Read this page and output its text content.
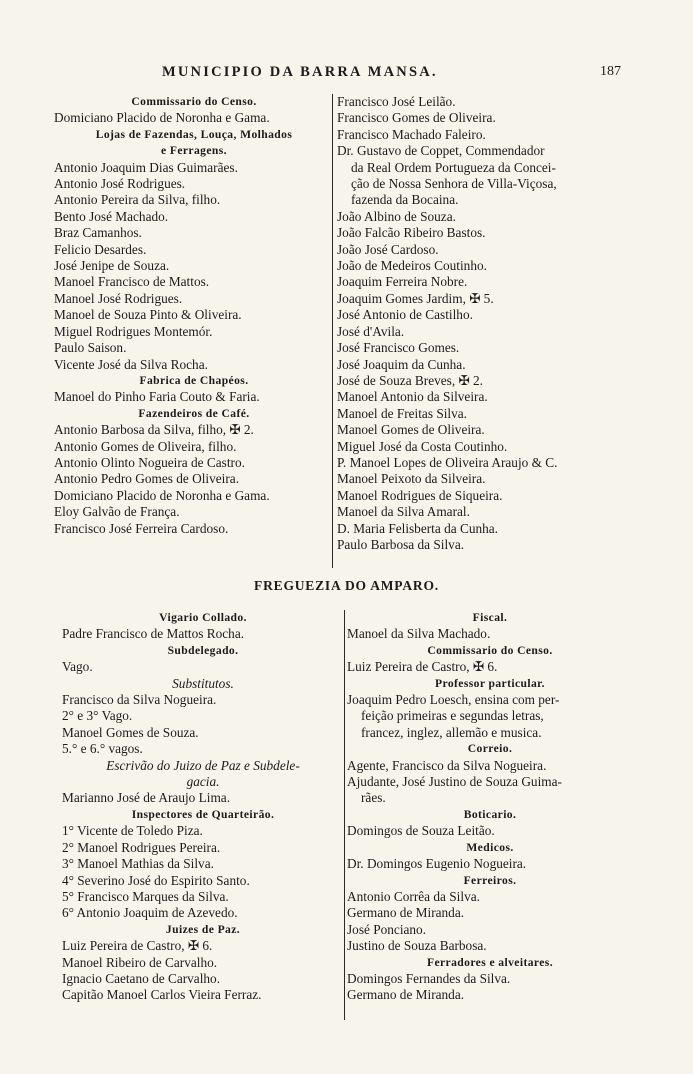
MUNICIPIO DA BARRA MANSA.	187
Commissario do Censo.
Domiciano Placido de Noronha e Gama.
Lojas de Fazendas, Louça, Molhados
e Ferragens.
Antonio Joaquim Dias Guimarães.
Antonio José Rodrigues.
Antonio Pereira da Silva, filho.
Bento José Machado.
Braz Camanhos.
Felicio Desardes.
José Jenipe de Souza.
Manoel Francisco de Mattos.
Manoel José Rodrigues.
Manoel de Souza Pinto & Oliveira.
Miguel Rodrigues Montemór.
Paulo Saison.
Vicente José da Silva Rocha.
Fabrica de Chapéos.
Manoel do Pinho Faria Couto & Faria.
Fazendeiros de Café.
Antonio Barbosa da Silva, filho, ✠ 2.
Antonio Gomes de Oliveira, filho.
Antonio Olinto Nogueira de Castro.
Antonio Pedro Gomes de Oliveira.
Domiciano Placido de Noronha e Gama.
Eloy Galvão de França.
Francisco José Ferreira Cardoso.
Francisco José Leilão.
Francisco Gomes de Oliveira.
Francisco Machado Faleiro.
Dr. Gustavo de Coppet, Commendador
da Real Ordem Portugueza da Concei-
ção de Nossa Senhora de Villa-Viçosa,
fazenda da Bocaina.
João Albino de Souza.
João Falcão Ribeiro Bastos.
João José Cardoso.
João de Medeiros Coutinho.
Joaquim Ferreira Nobre.
Joaquim Gomes Jardim, ✠ 5.
José Antonio de Castilho.
José d'Avila.
José Francisco Gomes.
José Joaquim da Cunha.
José de Souza Breves, ✠ 2.
Manoel Antonio da Silveira.
Manoel de Freitas Silva.
Manoel Gomes de Oliveira.
Miguel José da Costa Coutinho.
P. Manoel Lopes de Oliveira Araujo & C.
Manoel Peixoto da Silveira.
Manoel Rodrigues de Siqueira.
Manoel da Silva Amaral.
D. Maria Felisberta da Cunha.
Paulo Barbosa da Silva.
FREGUEZIA DO AMPARO.
Vigario Collado.
Padre Francisco de Mattos Rocha.
Subdelegado.
Vago.
Substitutos.
Francisco da Silva Nogueira.
2° e 3° Vago.
Manoel Gomes de Souza.
5.° e 6.° vagos.
Escrivão do Juizo de Paz e Subdele-
gacia.
Marianno José de Araujo Lima.
Inspectores de Quarteirão.
1° Vicente de Toledo Piza.
2° Manoel Rodrigues Pereira.
3° Manoel Mathias da Silva.
4° Severino José do Espirito Santo.
5° Francisco Marques da Silva.
6° Antonio Joaquim de Azevedo.
Juizes de Paz.
Luiz Pereira de Castro, ✠ 6.
Manoel Ribeiro de Carvalho.
Ignacio Caetano de Carvalho.
Capitão Manoel Carlos Vieira Ferraz.
Fiscal.
Manoel da Silva Machado.
Commissario do Censo.
Luiz Pereira de Castro, ✠ 6.
Professor particular.
Joaquim Pedro Loesch, ensina com per-
feição primeiras e segundas letras,
francez, inglez, allemão e musica.
Correio.
Agente, Francisco da Silva Nogueira.
Ajudante, José Justino de Souza Guima-
rães.
Boticario.
Domingos de Souza Leitão.
Medicos.
Dr. Domingos Eugenio Nogueira.
Ferreiros.
Antonio Corrêa da Silva.
Germano de Miranda.
José Ponciano.
Justino de Souza Barbosa.
Ferradores e alveitares.
Domingos Fernandes da Silva.
Germano de Miranda.
